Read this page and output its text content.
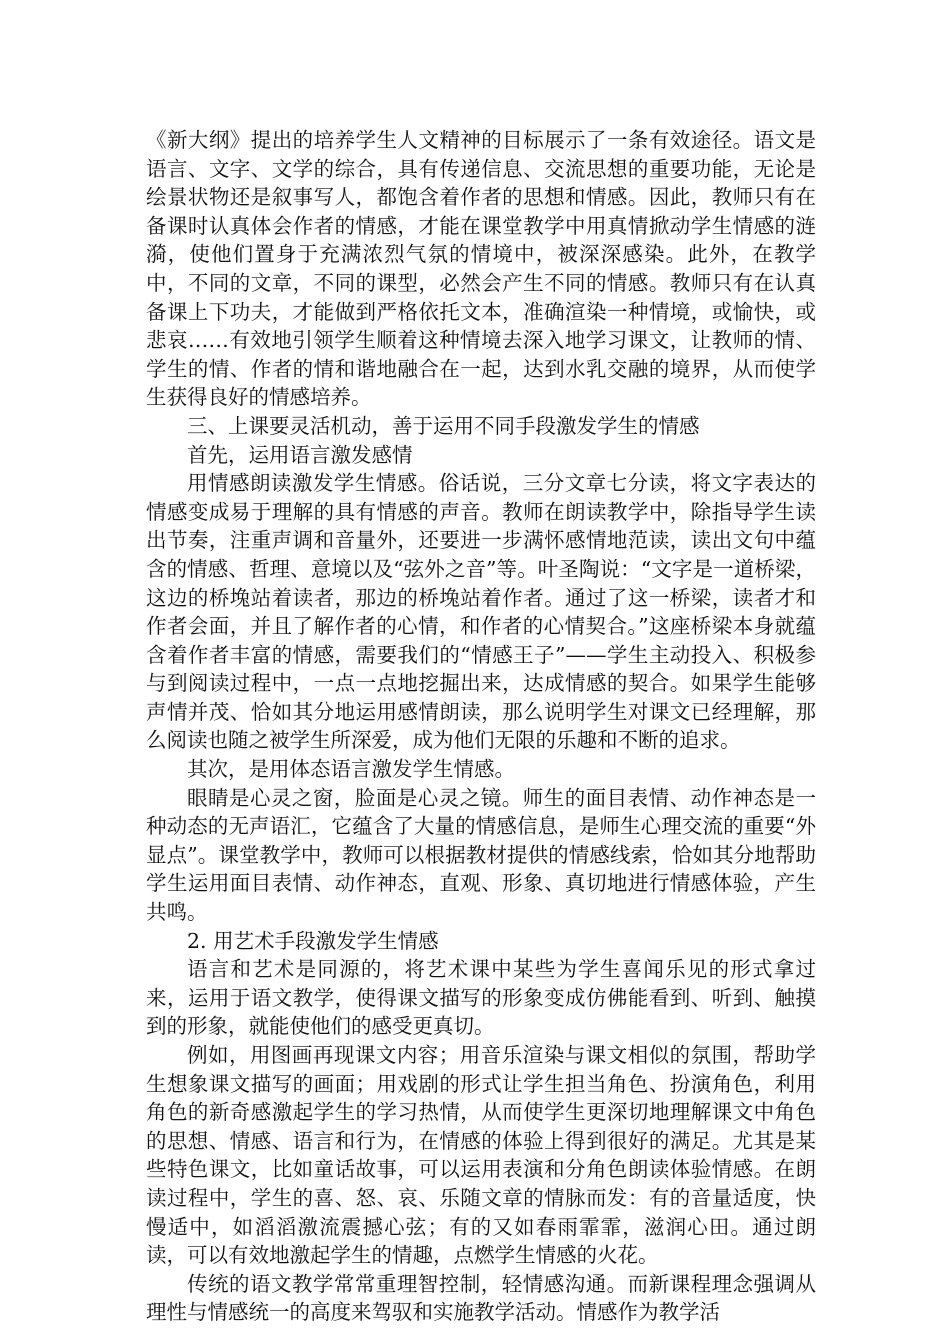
《新大纲》提出的培养学生人文精神的目标展示了一条有效途径。语文是语言、文字、文学的综合，具有传递信息、交流思想的重要功能，无论是绘景状物还是叙事写人，都饱含着作者的思想和情感。因此，教师只有在备课时认真体会作者的情感，才能在课堂教学中用真情掀动学生情感的涟漪，使他们置身于充满浓烈气氛的情境中，被深深感染。此外，在教学中，不同的文章，不同的课型，必然会产生不同的情感。教师只有在认真备课上下功夫，才能做到严格依托文本，准确渲染一种情境，或愉快，或悲哀……有效地引领学生顺着这种情境去深入地学习课文，让教师的情、学生的情、作者的情和谐地融合在一起，达到水乳交融的境界，从而使学生获得良好的情感培养。

三、上课要灵活机动，善于运用不同手段激发学生的情感

首先，运用语言激发感情

用情感朗读激发学生情感。俗话说，三分文章七分读，将文字表达的情感变成易于理解的具有情感的声音。教师在朗读教学中，除指导学生读出节奏，注重声调和音量外，还要进一步满怀感情地范读，读出文句中蕴含的情感、哲理、意境以及“弦外之音”等。叶圣陶说：“文字是一道桥梁，这边的桥堍站着读者，那边的桥堍站着作者。通过了这一桥梁，读者才和作者会面，并且了解作者的心情，和作者的心情契合。”这座桥梁本身就蕴含着作者丰富的情感，需要我们的“情感王子”——学生主动投入、积极参与到阅读过程中，一点一点地挖掘出来，达成情感的契合。如果学生能够声情并茂、恰如其分地运用感情朗读，那么说明学生对课文已经理解，那么阅读也随之被学生所深爱，成为他们无限的乐趣和不断的追求。

其次，是用体态语言激发学生情感。

眼睛是心灵之窗，脸面是心灵之镜。师生的面目表情、动作神态是一种动态的无声语汇，它蕴含了大量的情感信息，是师生心理交流的重要“外显点”。课堂教学中，教师可以根据教材提供的情感线索，恰如其分地帮助学生运用面目表情、动作神态，直观、形象、真切地进行情感体验，产生共鸣。

2. 用艺术手段激发学生情感

语言和艺术是同源的，将艺术课中某些为学生喜闻乐见的形式拿过来，运用于语文教学，使得课文描写的形象变成仿佛能看到、听到、触摸到的形象，就能使他们的感受更真切。

例如，用图画再现课文内容；用音乐渲染与课文相似的氛围，帮助学生想象课文描写的画面；用戏剧的形式让学生担当角色、扮演角色，利用角色的新奇感激起学生的学习热情，从而使学生更深切地理解课文中角色的思想、情感、语言和行为，在情感的体验上得到很好的满足。尤其是某些特色课文，比如童话故事，可以运用表演和分角色朗读体验情感。在朗读过程中，学生的喜、怒、哀、乐随文章的情脉而发：有的音量适度，快慢适中，如滔滔激流震撼心弦；有的又如春雨霏霏，滋润心田。通过朗读，可以有效地激起学生的情趣，点燃学生情感的火花。

传统的语文教学常常重理智控制，轻情感沟通。而新课程理念强调从理性与情感统一的高度来驾驭和实施教学活动。情感作为教学活
